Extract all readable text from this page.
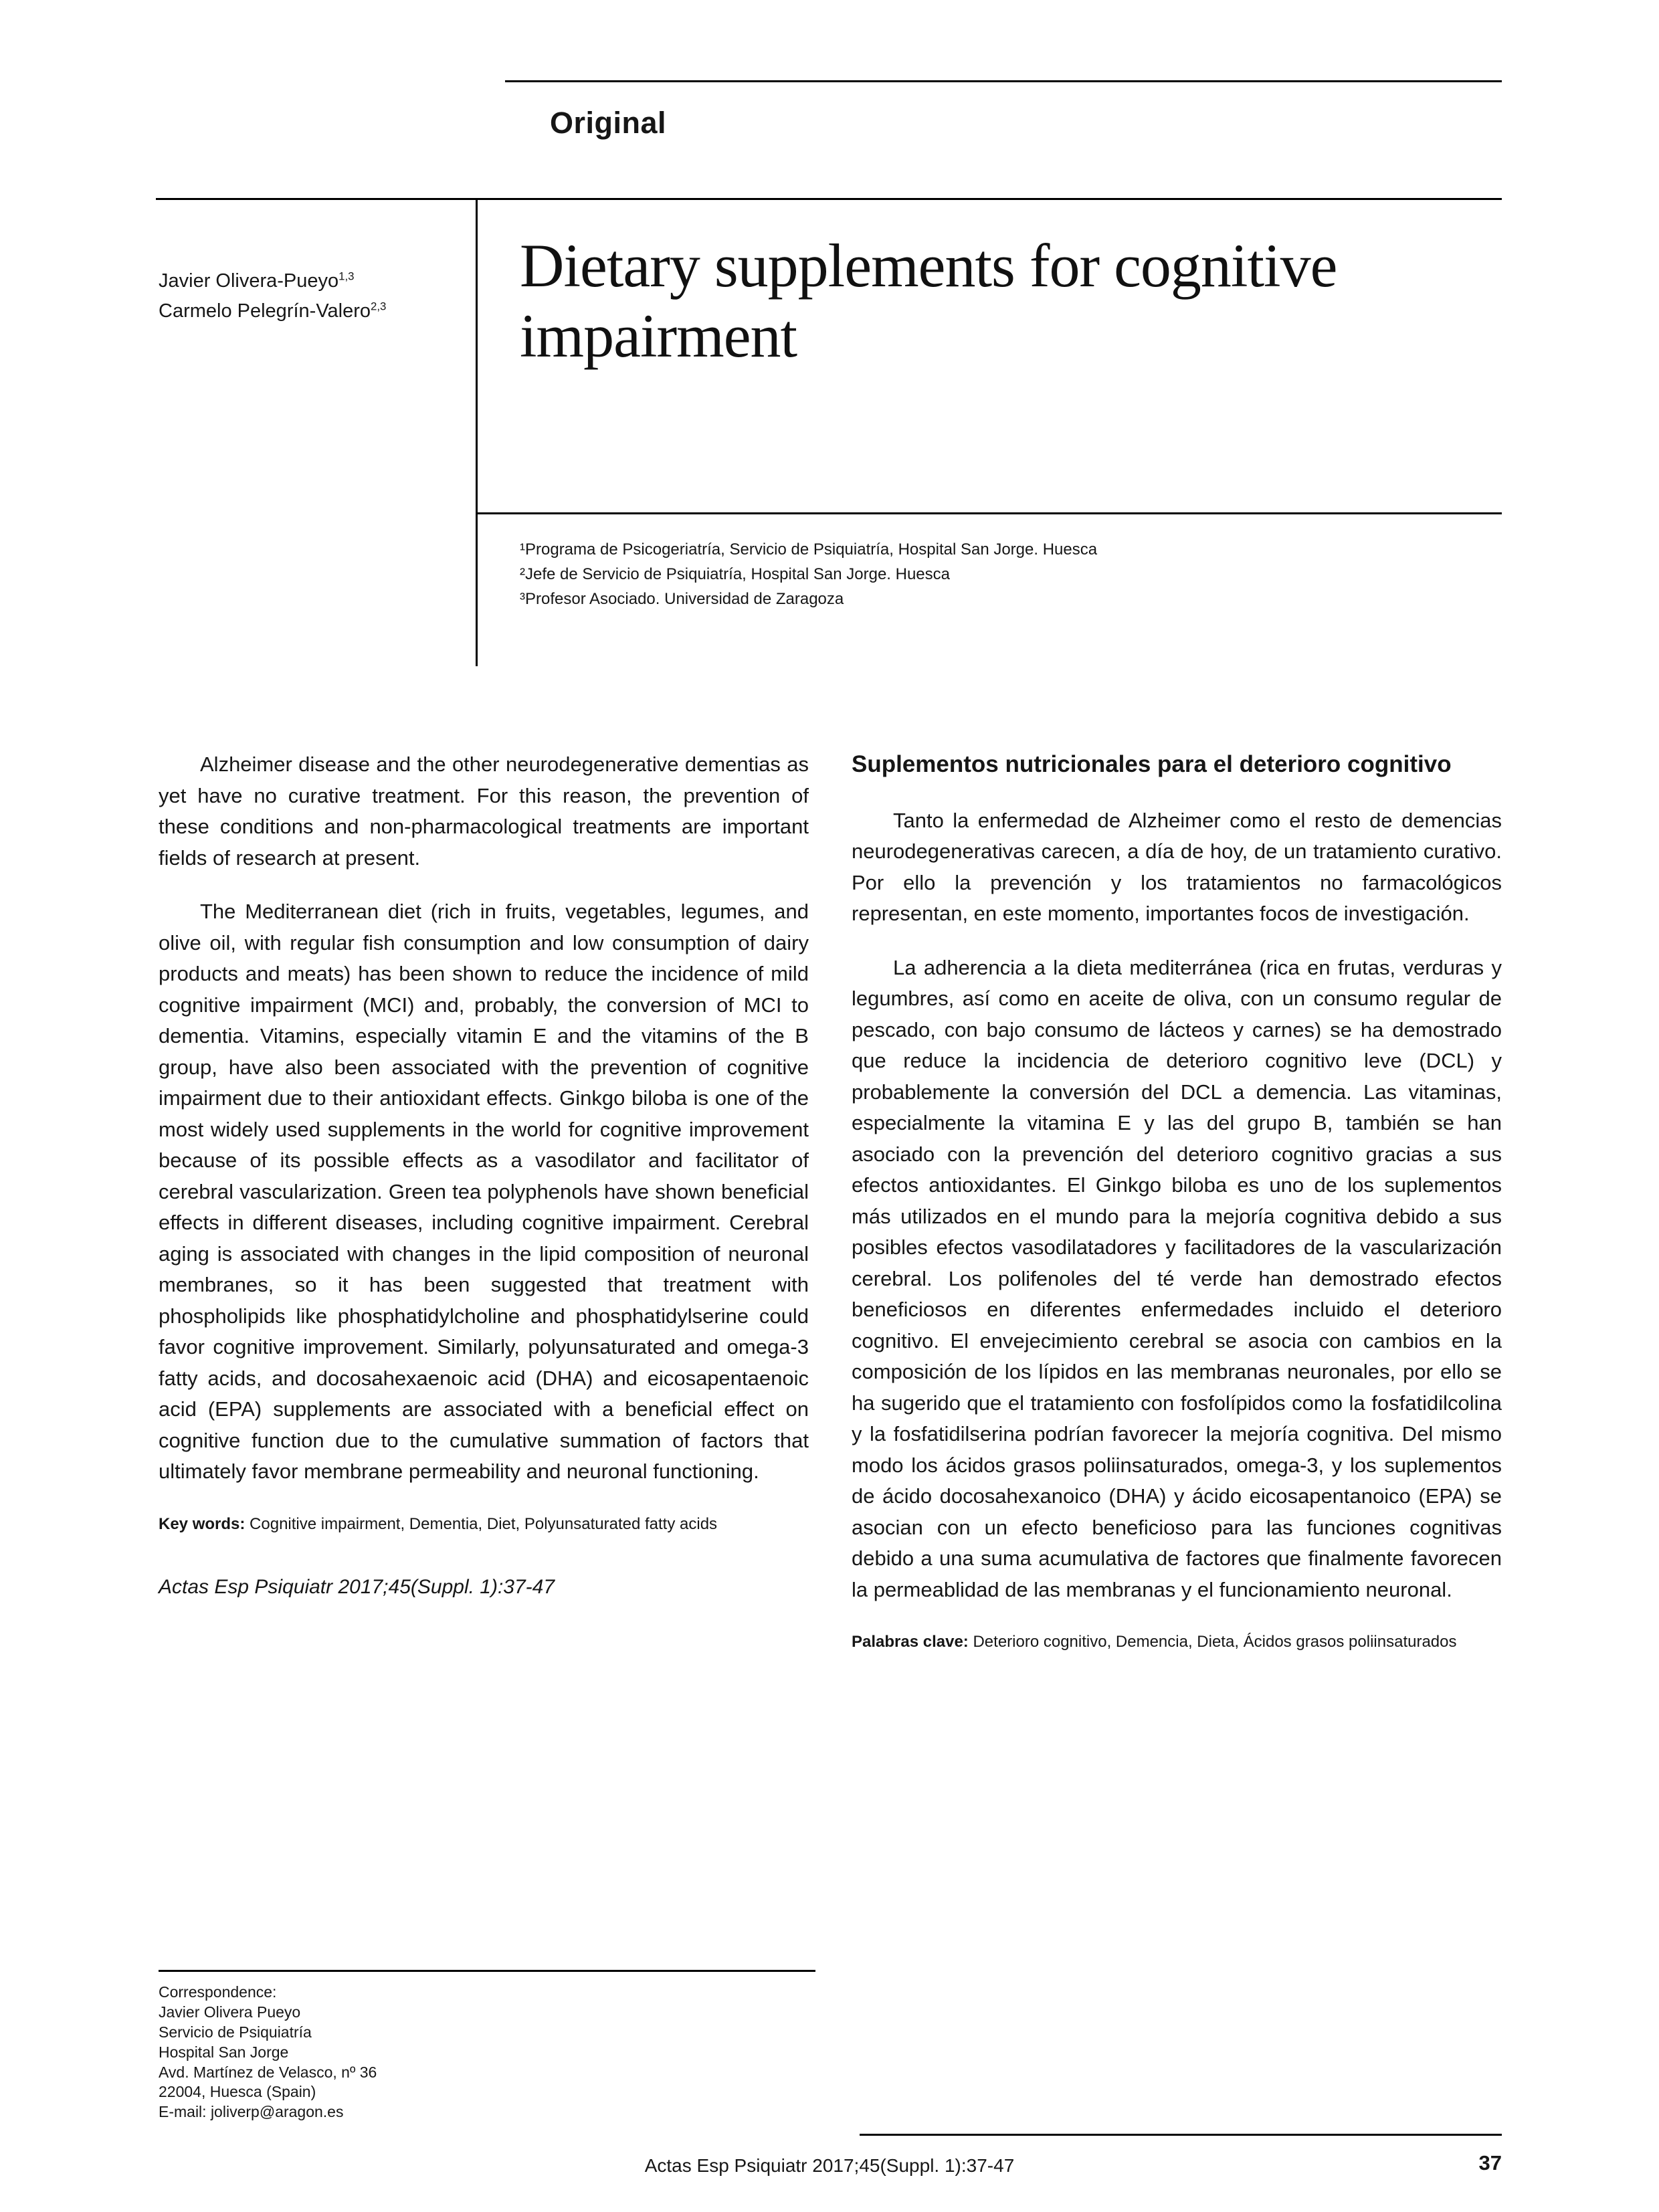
Original
Javier Olivera-Pueyo$^{1,3}$
Carmelo Pelegrín-Valero$^{2,3}$
Dietary supplements for cognitive impairment
¹Programa de Psicogeriatría, Servicio de Psiquiatría, Hospital San Jorge. Huesca
²Jefe de Servicio de Psiquiatría, Hospital San Jorge. Huesca
³Profesor Asociado. Universidad de Zaragoza

Alzheimer disease and the other neurodegenerative dementias as yet have no curative treatment. For this reason, the prevention of these conditions and non-pharmacological treatments are important fields of research at present.

The Mediterranean diet (rich in fruits, vegetables, legumes, and olive oil, with regular fish consumption and low consumption of dairy products and meats) has been shown to reduce the incidence of mild cognitive impairment (MCI) and, probably, the conversion of MCI to dementia. Vitamins, especially vitamin E and the vitamins of the B group, have also been associated with the prevention of cognitive impairment due to their antioxidant effects. Ginkgo biloba is one of the most widely used supplements in the world for cognitive improvement because of its possible effects as a vasodilator and facilitator of cerebral vascularization. Green tea polyphenols have shown beneficial effects in different diseases, including cognitive impairment. Cerebral aging is associated with changes in the lipid composition of neuronal membranes, so it has been suggested that treatment with phospholipids like phosphatidylcholine and phosphatidylserine could favor cognitive improvement. Similarly, polyunsaturated and omega-3 fatty acids, and docosahexaenoic acid (DHA) and eicosapentaenoic acid (EPA) supplements are associated with a beneficial effect on cognitive function due to the cumulative summation of factors that ultimately favor membrane permeability and neuronal functioning.

Key words: Cognitive impairment, Dementia, Diet, Polyunsaturated fatty acids

Actas Esp Psiquiatr 2017;45(Suppl. 1):37-47

Suplementos nutricionales para el deterioro cognitivo

Tanto la enfermedad de Alzheimer como el resto de demencias neurodegenerativas carecen, a día de hoy, de un tratamiento curativo. Por ello la prevención y los tratamientos no farmacológicos representan, en este momento, importantes focos de investigación.

La adherencia a la dieta mediterránea (rica en frutas, verduras y legumbres, así como en aceite de oliva, con un consumo regular de pescado, con bajo consumo de lácteos y carnes) se ha demostrado que reduce la incidencia de deterioro cognitivo leve (DCL) y probablemente la conversión del DCL a demencia. Las vitaminas, especialmente la vitamina E y las del grupo B, también se han asociado con la prevención del deterioro cognitivo gracias a sus efectos antioxidantes. El Ginkgo biloba es uno de los suplementos más utilizados en el mundo para la mejoría cognitiva debido a sus posibles efectos vasodilatadores y facilitadores de la vascularización cerebral. Los polifenoles del té verde han demostrado efectos beneficiosos en diferentes enfermedades incluido el deterioro cognitivo. El envejecimiento cerebral se asocia con cambios en la composición de los lípidos en las membranas neuronales, por ello se ha sugerido que el tratamiento con fosfolípidos como la fosfatidilcolina y la fosfatidilserina podrían favorecer la mejoría cognitiva. Del mismo modo los ácidos grasos poliinsaturados, omega-3, y los suplementos de ácido docosahexanoico (DHA) y ácido eicosapentanoico (EPA) se asocian con un efecto beneficioso para las funciones cognitivas debido a una suma acumulativa de factores que finalmente favorecen la permeablidad de las membranas y el funcionamiento neuronal.

Palabras clave: Deterioro cognitivo, Demencia, Dieta, Ácidos grasos poliinsaturados

Correspondence:
Javier Olivera Pueyo
Servicio de Psiquiatría
Hospital San Jorge
Avd. Martínez de Velasco, nº 36
22004, Huesca (Spain)
E-mail: joliverp@aragon.es
Actas Esp Psiquiatr 2017;45(Suppl. 1):37-47	37
